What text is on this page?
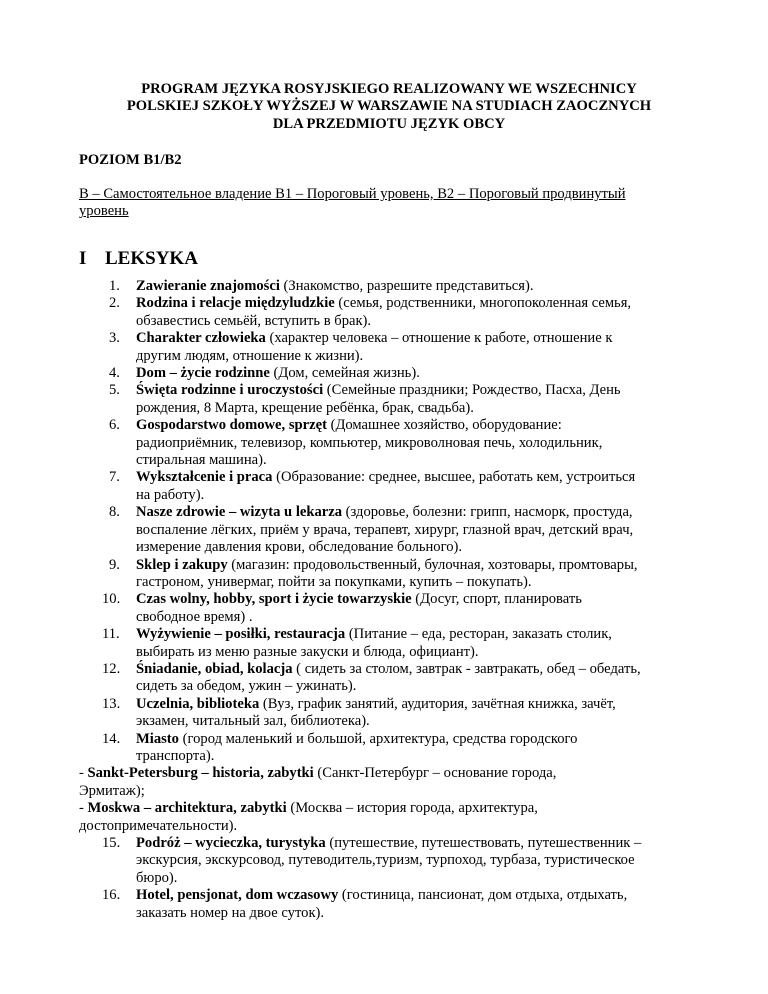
PROGRAM JĘZYKA ROSYJSKIEGO REALIZOWANY WE WSZECHNICY
POLSKIEJ SZKOŁY WYŻSZEJ W WARSZAWIE NA STUDIACH ZAOCZNYCH
DLA PRZEDMIOTU JĘZYK OBCY
POZIOM B1/B2
В – Самостоятельное владение В1 – Пороговый уровень, В2 – Пороговый продвинутый
уровень
I LEKSYKA
1.	Zawieranie znajomości (Знакомство, разрешите представиться).
2.	Rodzina i relacje międzyludzkie (семья, родственники, многопоколенная семья,
обзавестись семьёй, вступить в брак).
3.	Charakter człowieka (характер человека – отношение к работе, отношение к
другим людям, отношение к жизни).
4.	Dom – życie rodzinne (Дом, семейная жизнь).
5.	Święta rodzinne i uroczystości (Семейные праздники; Рождество, Пасха, День
рождения, 8 Марта, крещение ребёнка, брак, свадьба).
6.	Gospodarstwo domowe, sprzęt (Домашнее хозяйство, оборудование:
радиоприёмник, телевизор, компьютер, микроволновая печь, холодильник,
стиральная машина).
7.	Wykształcenie i praca (Образование: среднее, высшее, работать кем, устроиться
на работу).
8.	Nasze zdrowie – wizyta u lekarza (здоровье, болезни: грипп, насморк, простуда,
воспаление лёгких, приём у врача, терапевт, хирург, глазной врач, детский врач,
измерение давления крови, обследование больного).
9.	Sklep i zakupy (магазин: продовольственный, булочная, хозтовары, промтовары,
гастроном, универмаг, пойти за покупками, купить – покупать).
10.	Czas wolny, hobby, sport i życie towarzyskie (Досуг, спорт, планировать
свободное время) .
11.	Wyżywienie – posiłki, restauracja (Питание – еда, ресторан, заказать столик,
выбирать из меню разные закуски и блюда, официант).
12.	Śniadanie, obiad, kolacja ( сидеть за столом, завтрак - завтракать, обед – обедать,
сидеть за обедом, ужин – ужинать).
13.	Uczelnia, biblioteka (Вуз, график занятий, аудитория, зачётная книжка, зачёт,
экзамен, читальный зал, библиотека).
14.	Miasto (город маленький и большой, архитектура, средства городского
транспорта).
- Sankt-Petersburg – historia, zabytki (Санкт-Петербург – основание города,
Эрмитаж);
- Moskwa – architektura, zabytki (Москва – история города, архитектура,
достопримечательности).
15.	Podróż – wycieczka, turystyka (путешествие, путешествовать, путешественник –
экскурсия, экскурсовод, путеводитель,туризм, турпоход, турбаза, туристическое
бюро).
16.	Hotel, pensjonat, dom wczasowy (гостиница, пансионат, дом отдыха, отдыхать,
заказать номер на двое суток).
